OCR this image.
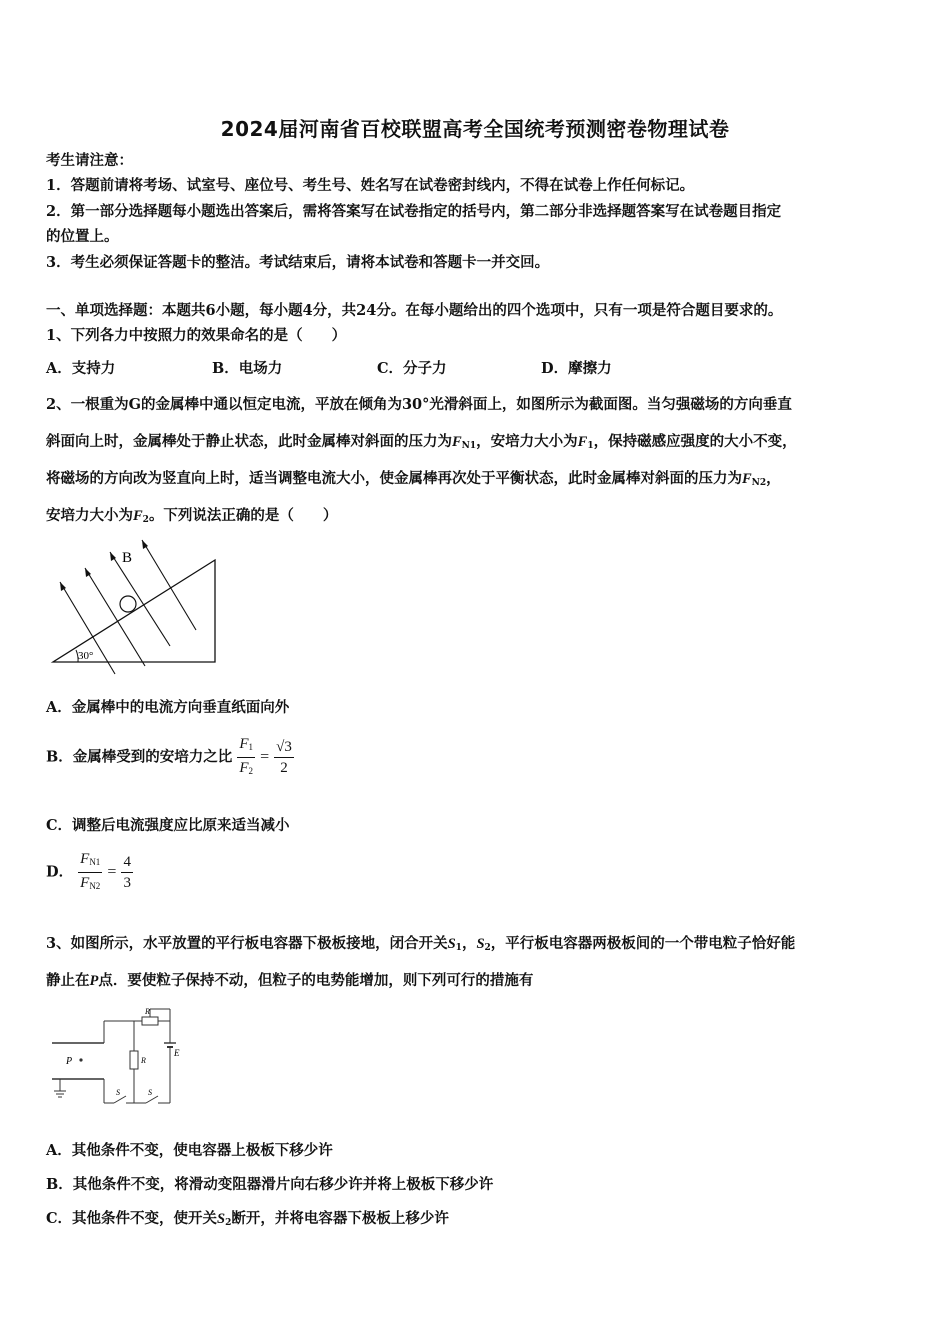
2024届河南省百校联盟高考全国统考预测密卷物理试卷
考生请注意：
1．答题前请将考场、试室号、座位号、考生号、姓名写在试卷密封线内，不得在试卷上作任何标记。
2．第一部分选择题每小题选出答案后，需将答案写在试卷指定的括号内，第二部分非选择题答案写在试卷题目指定
的位置上。
3．考生必须保证答题卡的整洁。考试结束后，请将本试卷和答题卡一并交回。
一、单项选择题：本题共6小题，每小题4分，共24分。在每小题给出的四个选项中，只有一项是符合题目要求的。
1、下列各力中按照力的效果命名的是（　　）
A．支持力	B．电场力	C．分子力	D．摩擦力
2、一根重为G的金属棒中通以恒定电流，平放在倾角为30°光滑斜面上，如图所示为截面图。当匀强磁场的方向垂直
斜面向上时，金属棒处于静止状态，此时金属棒对斜面的压力为$F_{N1}$，安培力大小为$F_1$，保持磁感应强度的大小不变，
将磁场的方向改为竖直向上时，适当调整电流大小，使金属棒再次处于平衡状态，此时金属棒对斜面的压力为$F_{N2}$，
安培力大小为$F_2$。下列说法正确的是（　　）
B
30°
A．金属棒中的电流方向垂直纸面向外
B．金属棒受到的安培力之比 $\frac{F_1}{F_2} = \frac{√3}{2}$
C．调整后电流强度应比原来适当减小
D． $\frac{F_{N1}}{F_{N2}} = \frac{4}{3}$
3、如图所示，水平放置的平行板电容器下极板接地，闭合开关$S_1$，$S_2$，平行板电容器两极板间的一个带电粒子恰好能
静止在P点．要使粒子保持不动，但粒子的电势能增加，则下列可行的措施有
P
R
R
E
S	S
A．其他条件不变，使电容器上极板下移少许
B．其他条件不变，将滑动变阻器滑片向右移少许并将上极板下移少许
C．其他条件不变，使开关$S_2$断开，并将电容器下极板上移少许
